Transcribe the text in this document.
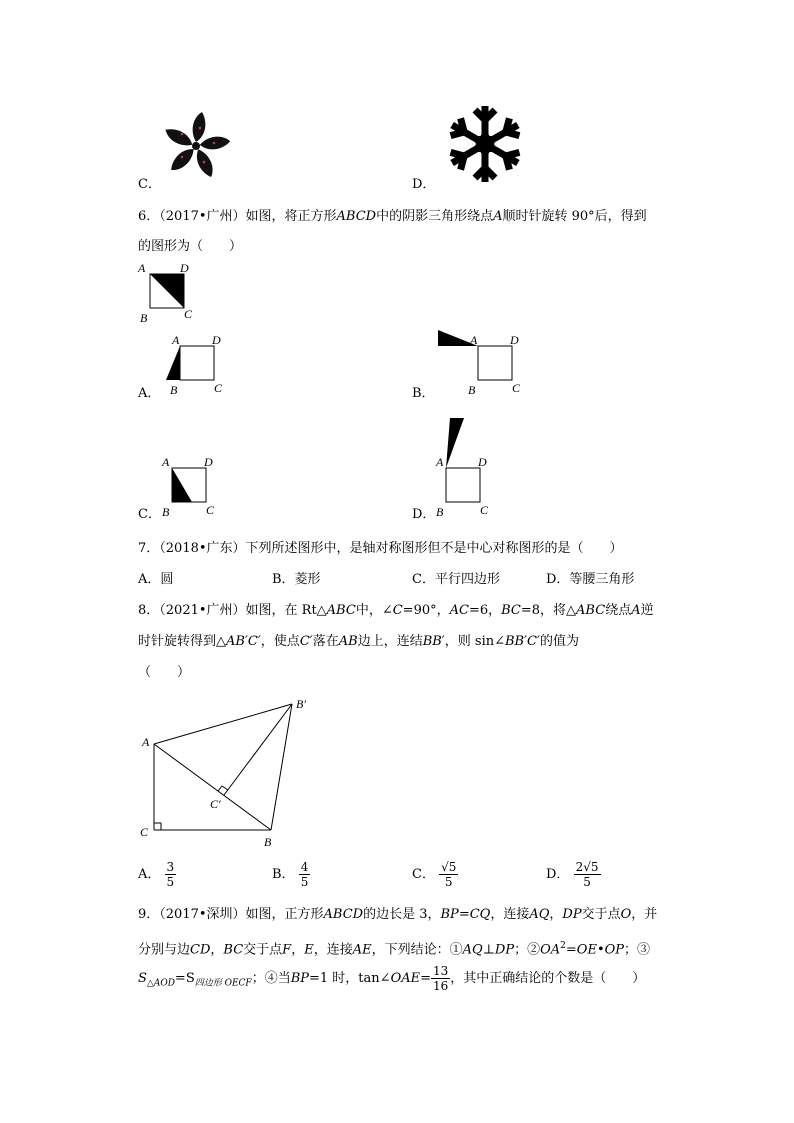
C．	D．
6．（2017•广州）如图，将正方形ABCD中的阴影三角形绕点A顺时针旋转 90°后，得到
的图形为（　　）
A	D
B	C
A	D
B	C
A．
A	D
B	C
B．
A	D
B	C
C．
A	D
B	C
D．
7．（2018•广东）下列所述图形中，是轴对称图形但不是中心对称图形的是（　　）
A．圆	B．菱形	C．平行四边形	D．等腰三角形
8．（2021•广州）如图，在 Rt△ABC中，∠C=90°，AC=6，BC=8，将△ABC绕点A逆
时针旋转得到△AB′C′，使点C′落在AB边上，连结BB′，则 sin∠BB′C′的值为
（　　）
A
C
B
B′
C′
A． $\frac{3}{5}$	B． $\frac{4}{5}$	C． $\frac{√5}{5}$	D． $\frac{2√5}{5}$
9．（2017•深圳）如图，正方形ABCD的边长是 3，BP=CQ，连接AQ，DP交于点O，并
分别与边CD，BC交于点F，E，连接AE，下列结论：①AQ⊥DP；$②OA^2=OE•OP$；③
$S_{\triangle AOD}=S_{四边形 OECF}$；④当BP=1 时，tan∠OAE= $\frac{13}{16}$ ，其中正确结论的个数是（　　）
